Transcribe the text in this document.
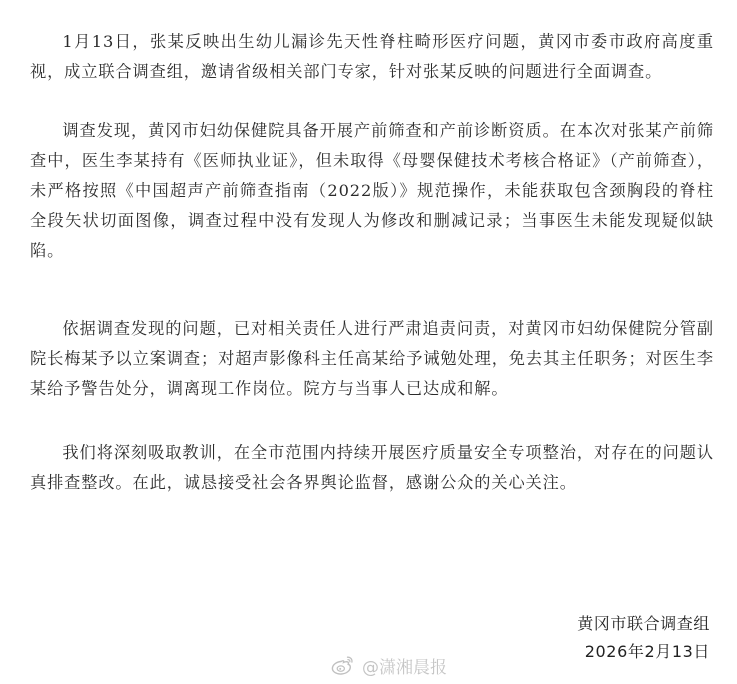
1月13日，张某反映出生幼儿漏诊先天性脊柱畸形医疗问题，黄冈市委市政府高度重视，成立联合调查组，邀请省级相关部门专家，针对张某反映的问题进行全面调查。

调查发现，黄冈市妇幼保健院具备开展产前筛查和产前诊断资质。在本次对张某产前筛查中，医生李某持有《医师执业证》，但未取得《母婴保健技术考核合格证》（产前筛查），未严格按照《中国超声产前筛查指南（2022版）》规范操作，未能获取包含颈胸段的脊柱全段矢状切面图像，调查过程中没有发现人为修改和删减记录；当事医生未能发现疑似缺陷。

依据调查发现的问题，已对相关责任人进行严肃追责问责，对黄冈市妇幼保健院分管副院长梅某予以立案调查；对超声影像科主任高某给予诫勉处理，免去其主任职务；对医生李某给予警告处分，调离现工作岗位。院方与当事人已达成和解。

我们将深刻吸取教训，在全市范围内持续开展医疗质量安全专项整治，对存在的问题认真排查整改。在此，诚恳接受社会各界舆论监督，感谢公众的关心关注。

黄冈市联合调查组

2026年2月13日

@潇湘晨报
